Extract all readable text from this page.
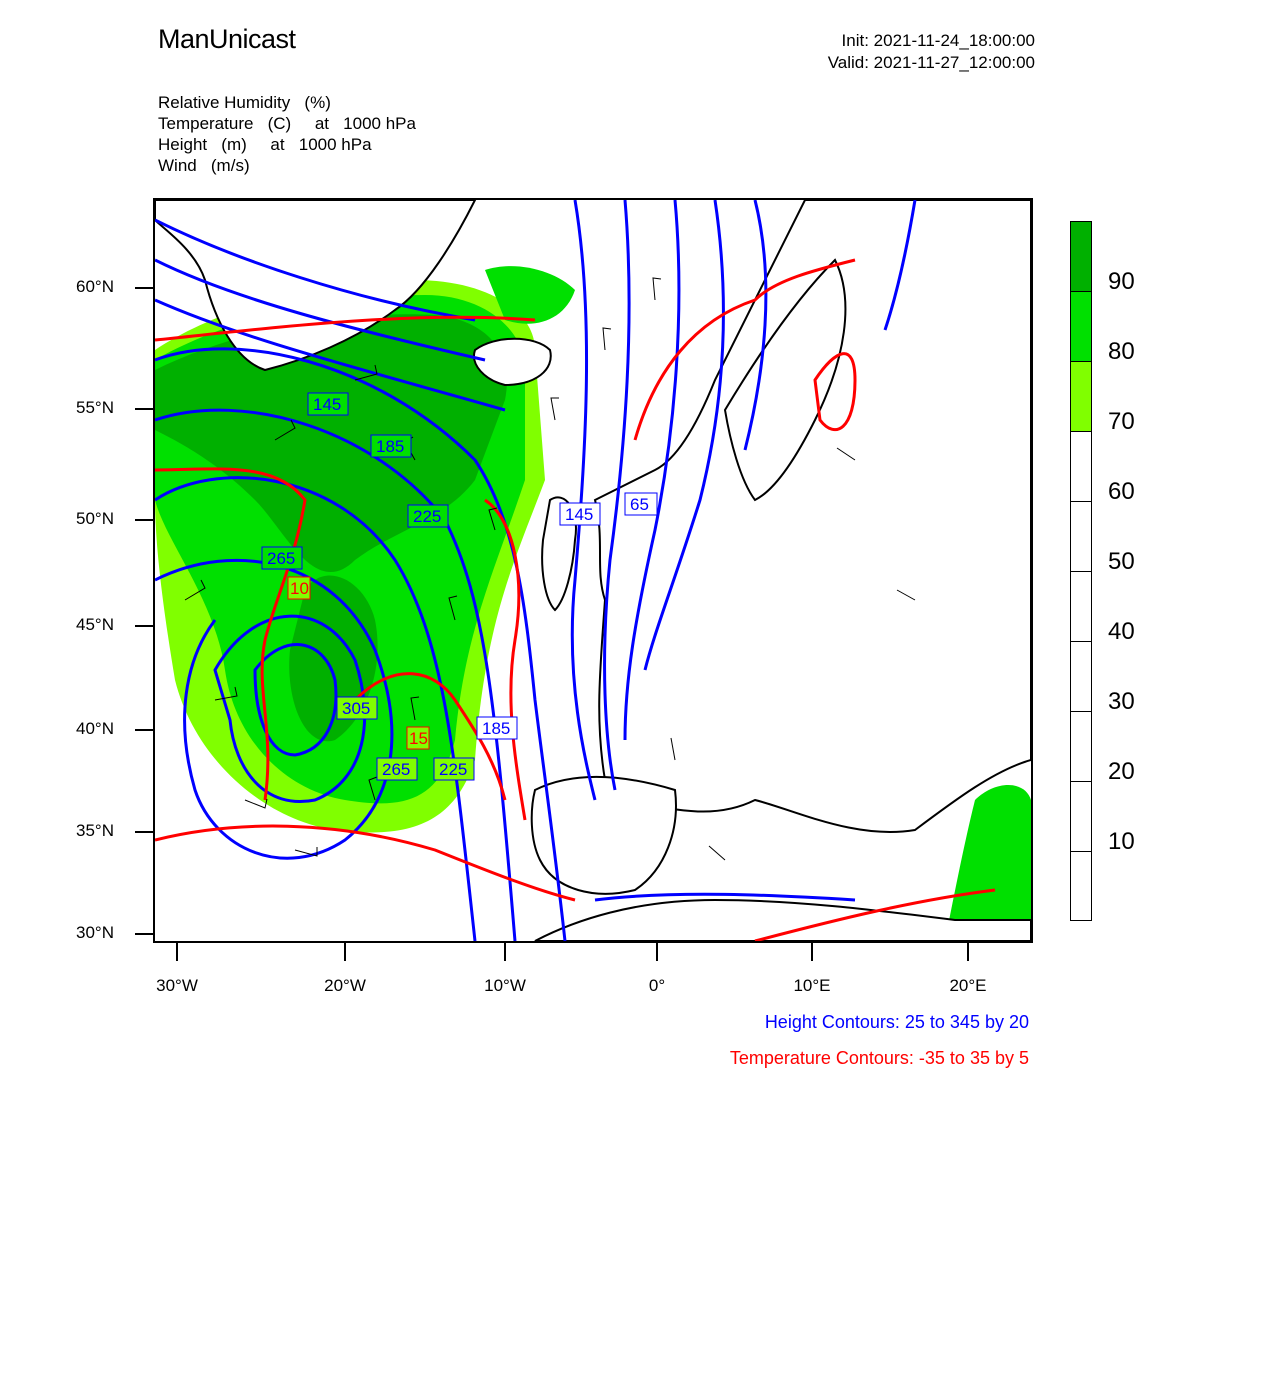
ManUnicast	Init: 2021-11-24_18:00:00
Valid: 2021-11-27_12:00:00
Relative Humidity   (%)
Temperature   (C)     at   1000 hPa
Height   (m)     at   1000 hPa
Wind   (m/s)
145
185
225
265
305
265 225
185
145
65
10
15
60°N
55°N
50°N
45°N
40°N
35°N
30°N
30°W	20°W	10°W	0°	10°E	20°E
Height Contours: 25 to 345 by 20
Temperature Contours: -35 to 35 by 5
90
80
70
60
50
40
30
20
10
